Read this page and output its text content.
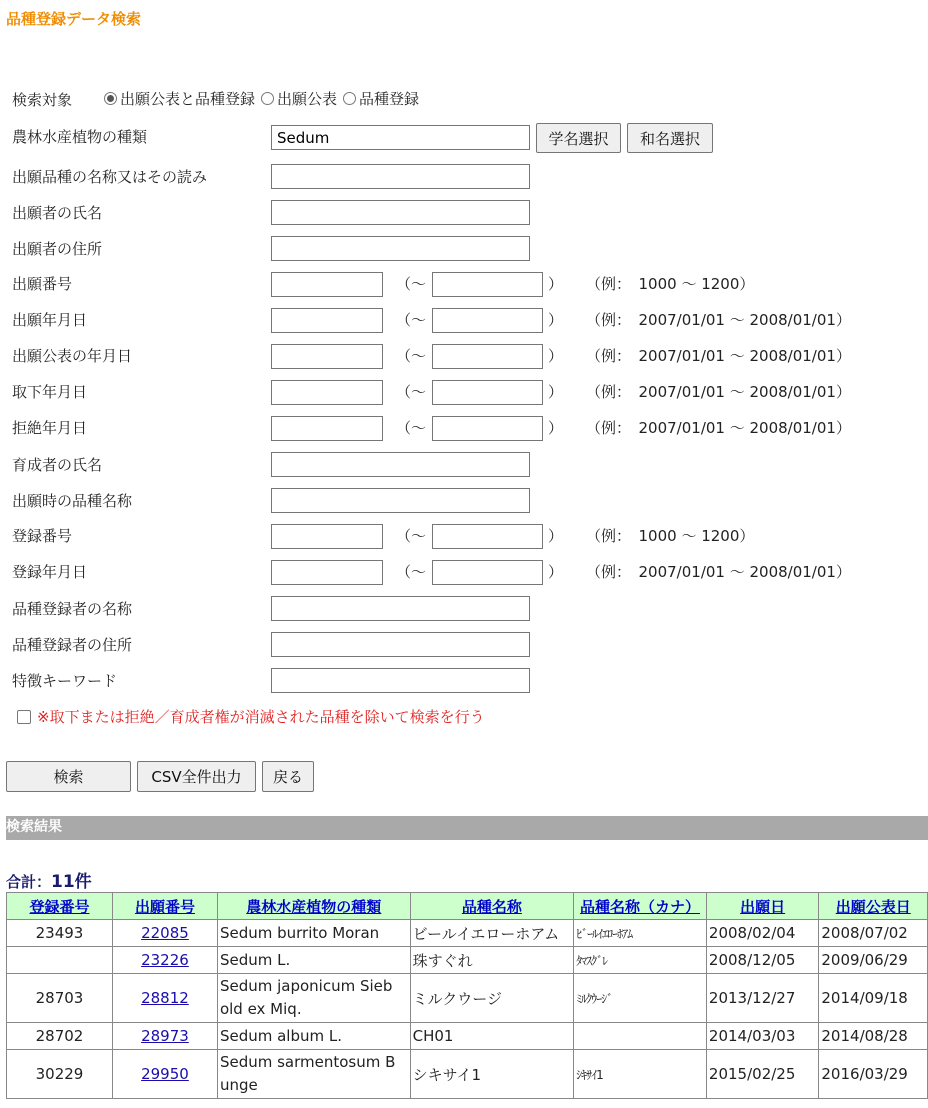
品種登録データ検索
検索対象	出願公表と品種登録 出願公表 品種登録
農林水産植物の種類
Sedum	学名選択	和名選択
出願品種の名称又はその読み
出願者の氏名
出願者の住所
出願番号	（～	） （例：　1000 ～ 1200）
出願年月日	（～	） （例：　2007/01/01 ～ 2008/01/01）
出願公表の年月日	（～	） （例：　2007/01/01 ～ 2008/01/01）
取下年月日	（～	） （例：　2007/01/01 ～ 2008/01/01）
拒絶年月日	（～	） （例：　2007/01/01 ～ 2008/01/01）
育成者の氏名
出願時の品種名称
登録番号	（～	） （例：　1000 ～ 1200）
登録年月日	（～	） （例：　2007/01/01 ～ 2008/01/01）
品種登録者の名称
品種登録者の住所
特徴キーワード
※取下または拒絶／育成者権が消滅された品種を除いて検索を行う
検索	CSV全件出力	戻る
検索結果
合計：11件
登録番号	出願番号	農林水産植物の種類	品種名称	品種名称（カナ）	出願日	出願公表日
23493	22085	Sedum burrito Moran	ビールイエローホアム	ﾋﾞｰﾙｲｴﾛｰﾎｱﾑ	2008/02/04	2008/07/02
	23226	Sedum L.	珠すぐれ	ﾀﾏｽｸﾞﾚ	2008/12/05	2009/06/29
28703	28812	Sedum japonicum Sieb old ex Miq.	ミルクウージ	ﾐﾙｸｳｰｼﾞ	2013/12/27	2014/09/18
28702	28973	Sedum album L.	CH01		2014/03/03	2014/08/28
30229	29950	Sedum sarmentosum B unge	シキサイ1	ｼｷｻｲ1	2015/02/25	2016/03/29
